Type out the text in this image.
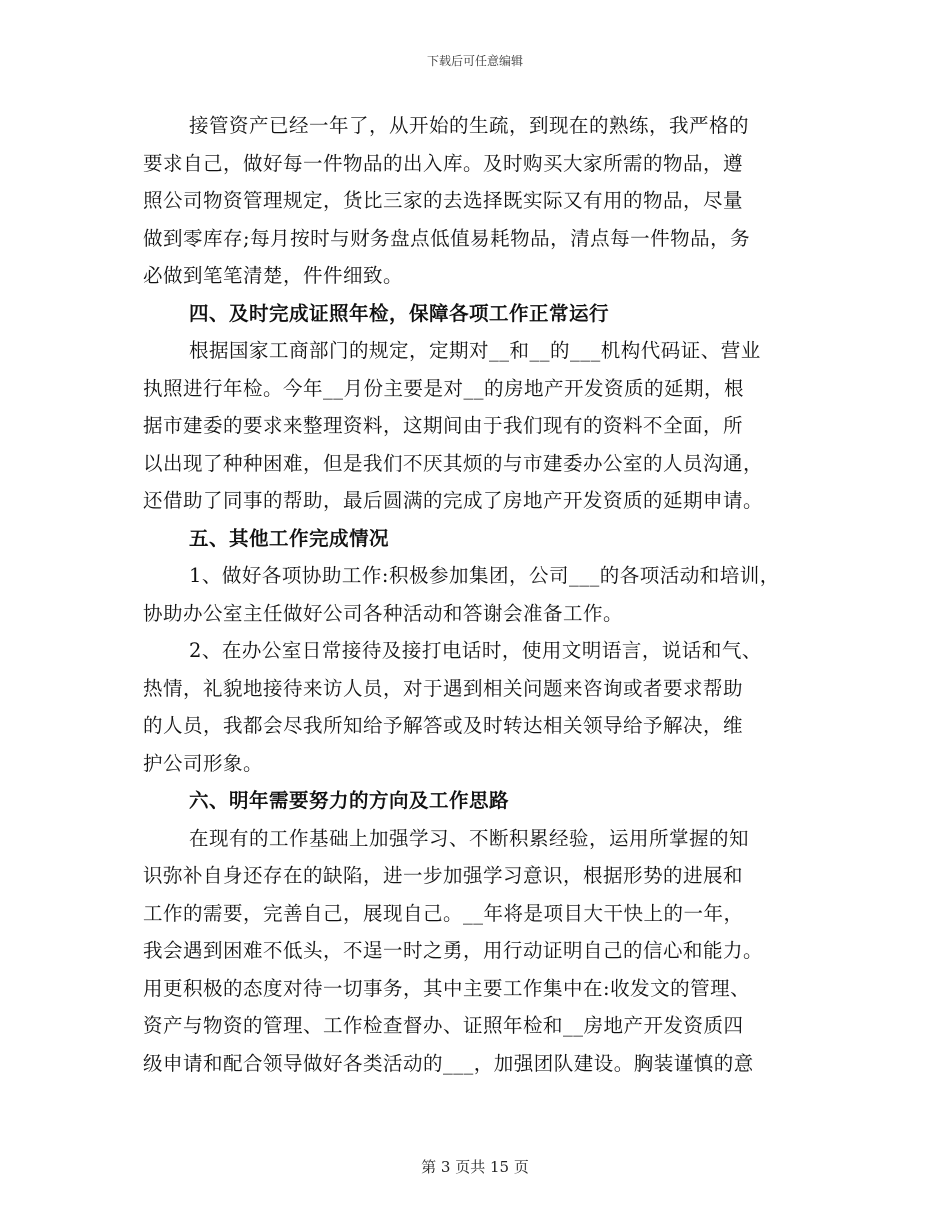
下载后可任意编辑
接管资产已经一年了，从开始的生疏，到现在的熟练，我严格的
要求自己，做好每一件物品的出入库。及时购买大家所需的物品，遵
照公司物资管理规定，货比三家的去选择既实际又有用的物品，尽量
做到零库存;每月按时与财务盘点低值易耗物品，清点每一件物品，务
必做到笔笔清楚，件件细致。
四、及时完成证照年检，保障各项工作正常运行
根据国家工商部门的规定，定期对__和__的___机构代码证、营业
执照进行年检。今年__月份主要是对__的房地产开发资质的延期，根
据市建委的要求来整理资料，这期间由于我们现有的资料不全面，所
以出现了种种困难，但是我们不厌其烦的与市建委办公室的人员沟通，
还借助了同事的帮助，最后圆满的完成了房地产开发资质的延期申请。
五、其他工作完成情况
1、做好各项协助工作:积极参加集团，公司___的各项活动和培训，
协助办公室主任做好公司各种活动和答谢会准备工作。
2、在办公室日常接待及接打电话时，使用文明语言，说话和气、
热情，礼貌地接待来访人员，对于遇到相关问题来咨询或者要求帮助
的人员，我都会尽我所知给予解答或及时转达相关领导给予解决，维
护公司形象。
六、明年需要努力的方向及工作思路
在现有的工作基础上加强学习、不断积累经验，运用所掌握的知
识弥补自身还存在的缺陷，进一步加强学习意识，根据形势的进展和
工作的需要，完善自己，展现自己。__年将是项目大干快上的一年，
我会遇到困难不低头，不逞一时之勇，用行动证明自己的信心和能力。
用更积极的态度对待一切事务，其中主要工作集中在:收发文的管理、
资产与物资的管理、工作检查督办、证照年检和__房地产开发资质四
级申请和配合领导做好各类活动的___，加强团队建设。胸装谨慎的意
第 3 页共 15 页
